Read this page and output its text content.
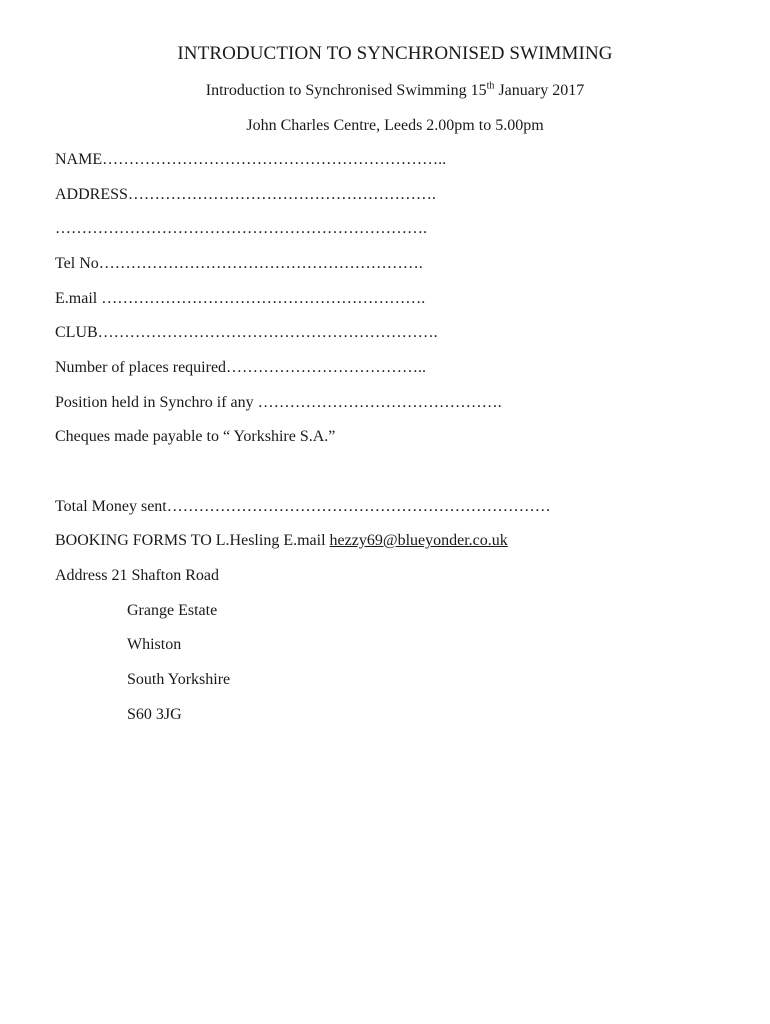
INTRODUCTION TO SYNCHRONISED SWIMMING
Introduction to Synchronised Swimming 15th January 2017
John Charles Centre, Leeds 2.00pm to 5.00pm
NAME………………………………………………………..
ADDRESS………………………………………………….
…………………………………………………………….
Tel No…………………………………………………….
E.mail …………………………………………………….
CLUB……………………………………………………….
Number of places required………………………………..
Position held in Synchro if any ……………………………………….
Cheques made payable to “ Yorkshire S.A.”
Total Money sent………………………………………………………………
BOOKING FORMS TO L.Hesling E.mail hezzy69@blueyonder.co.uk
Address 21 Shafton Road
Grange Estate
Whiston
South Yorkshire
S60 3JG
